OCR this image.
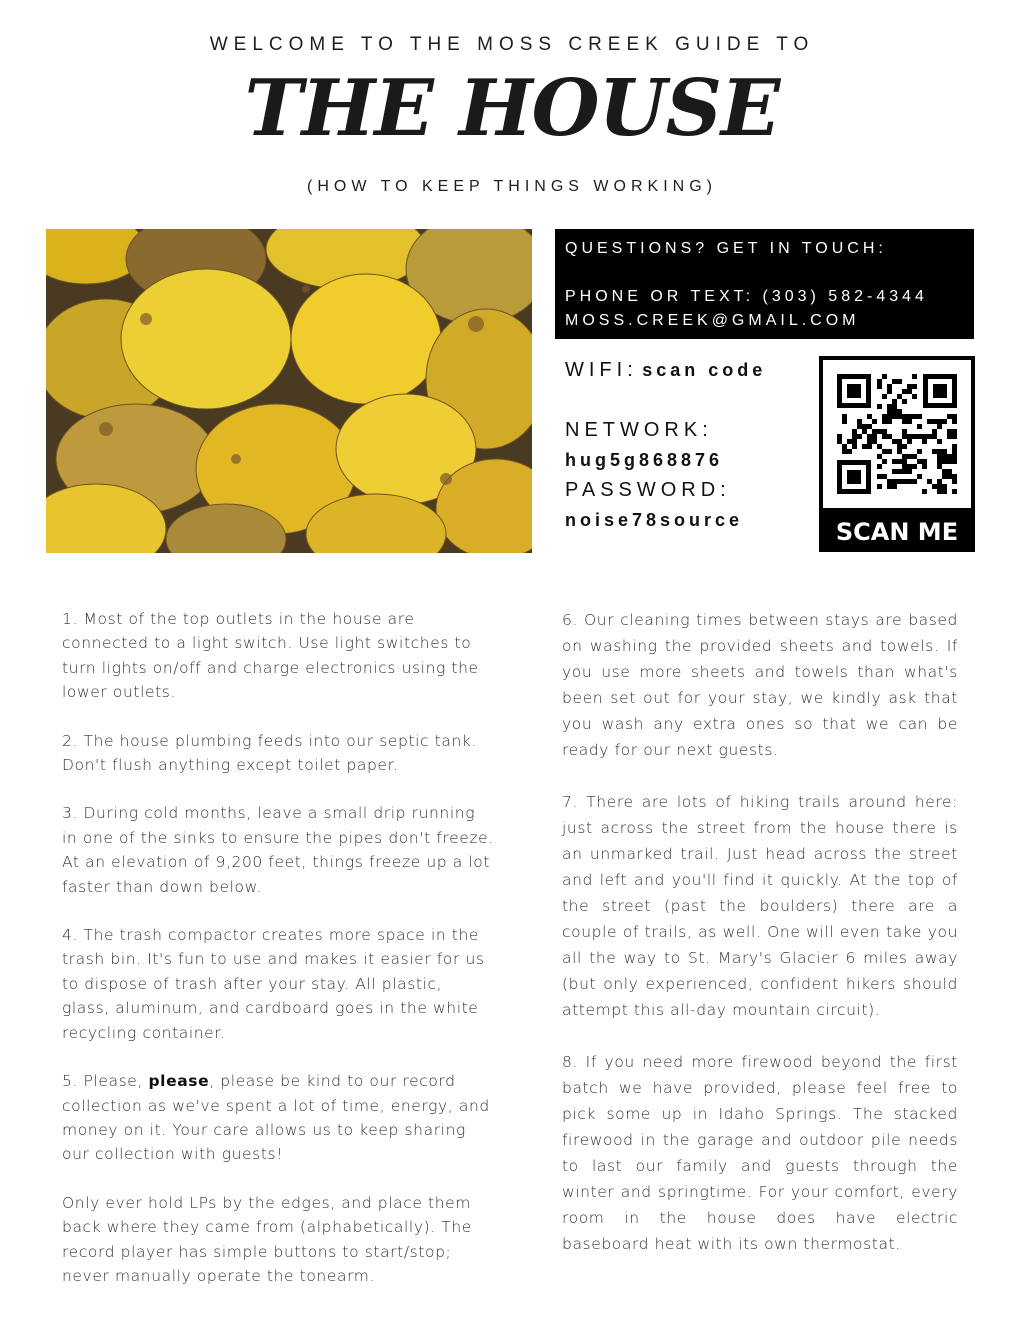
WELCOME TO THE MOSS CREEK GUIDE TO
THE HOUSE
(HOW TO KEEP THINGS WORKING)
QUESTIONS? GET IN TOUCH:
PHONE OR TEXT: (303) 582-4344
MOSS.CREEK@GMAIL.COM
WIFI: scan code
NETWORK:
hug5g868876
PASSWORD:
noise78source	SCAN ME

1. Most of the top outlets in the house are connected to a light switch. Use light switches to turn lights on/off and charge electronics using the lower outlets.

2. The house plumbing feeds into our septic tank. Don't flush anything except toilet paper.

3. During cold months, leave a small drip running in one of the sinks to ensure the pipes don't freeze. At an elevation of 9,200 feet, things freeze up a lot faster than down below.

4. The trash compactor creates more space in the trash bin. It's fun to use and makes it easier for us to dispose of trash after your stay. All plastic, glass, aluminum, and cardboard goes in the white recycling container.

5. Please, please, please be kind to our record collection as we've spent a lot of time, energy, and money on it. Your care allows us to keep sharing our collection with guests!

Only ever hold LPs by the edges, and place them back where they came from (alphabetically). The record player has simple buttons to start/stop; never manually operate the tonearm.

6. Our cleaning times between stays are based on washing the provided sheets and towels. If you use more sheets and towels than what's been set out for your stay, we kindly ask that you wash any extra ones so that we can be ready for our next guests.

7. There are lots of hiking trails around here: just across the street from the house there is an unmarked trail. Just head across the street and left and you'll find it quickly. At the top of the street (past the boulders) there are a couple of trails, as well. One will even take you all the way to St. Mary's Glacier 6 miles away (but only experienced, confident hikers should attempt this all-day mountain circuit).

8. If you need more firewood beyond the first batch we have provided, please feel free to pick some up in Idaho Springs. The stacked firewood in the garage and outdoor pile needs to last our family and guests through the winter and springtime. For your comfort, every room in the house does have electric baseboard heat with its own thermostat.
